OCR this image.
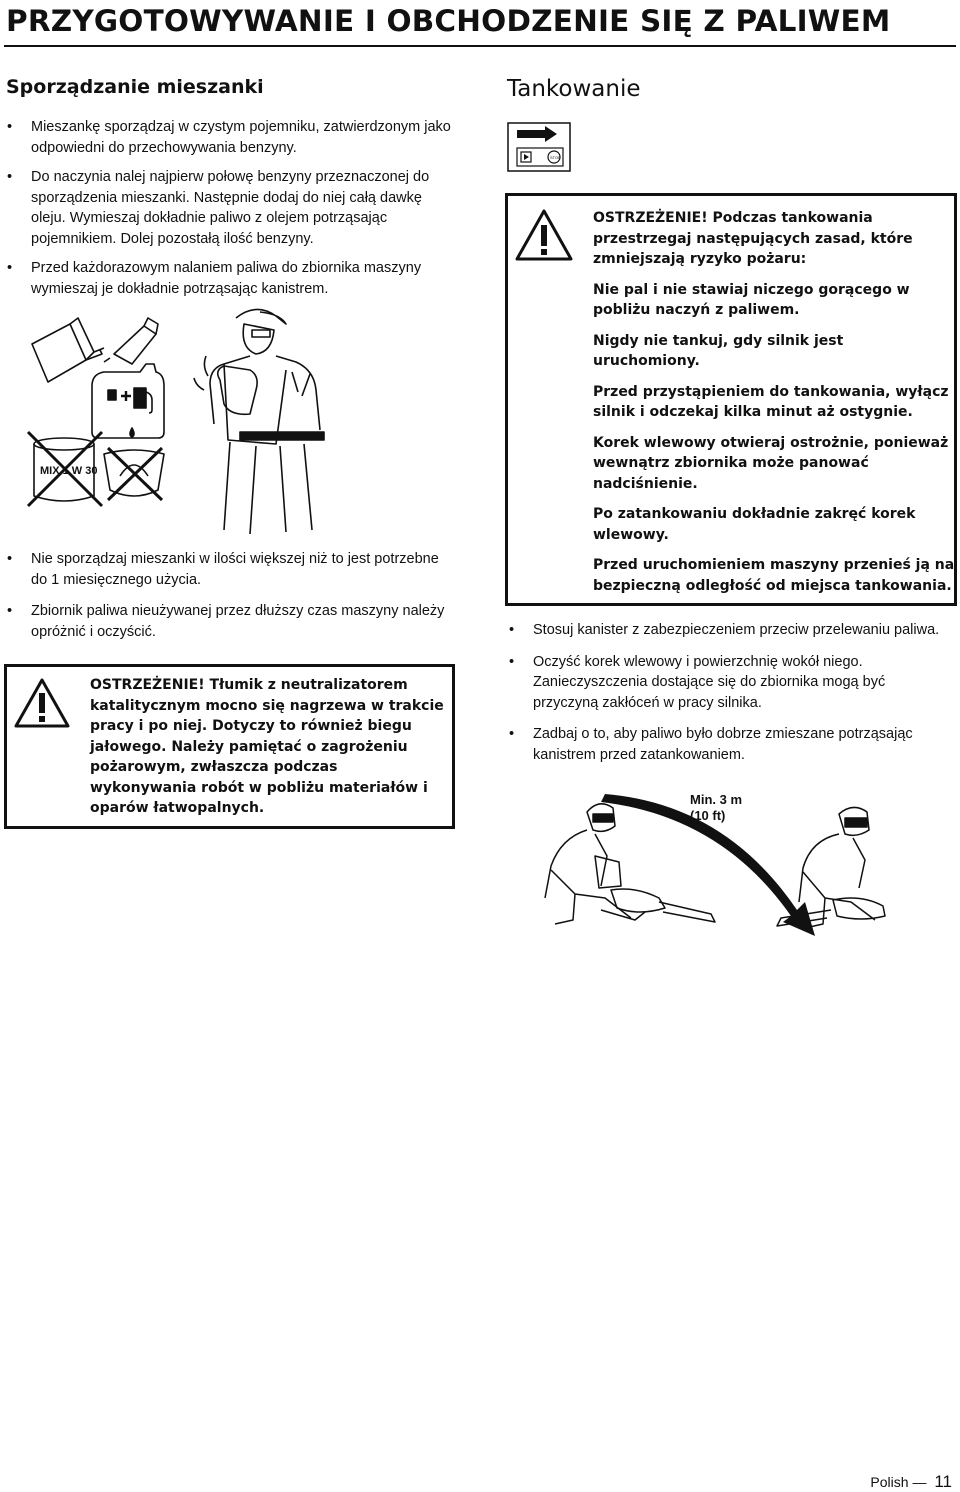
PRZYGOTOWYWANIE I OBCHODZENIE SIĘ Z PALIWEM
Sporządzanie mieszanki
• Mieszankę sporządzaj w czystym pojemniku, zatwierdzonym jako odpowiedni do przechowywania benzyny.
• Do naczynia nalej najpierw połowę benzyny przeznaczonej do sporządzenia mieszanki. Następnie dodaj do niej całą dawkę oleju. Wymieszaj dokładnie paliwo z olejem potrząsając pojemnikiem. Dolej pozostałą ilość benzyny.
• Przed każdorazowym nalaniem paliwa do zbiornika maszyny wymieszaj je dokładnie potrząsając kanistrem.
MIX 1 W 30
• Nie sporządzaj mieszanki w ilości większej niż to jest potrzebne do 1 miesięcznego użycia.
• Zbiornik paliwa nieużywanej przez dłuższy czas maszyny należy opróżnić i oczyścić.
OSTRZEŻENIE! Tłumik z neutralizatorem katalitycznym mocno się nagrzewa w trakcie pracy i po niej. Dotyczy to również biegu jałowego. Należy pamiętać o zagrożeniu pożarowym, zwłaszcza podczas wykonywania robót w pobliżu materiałów i oparów łatwopalnych.
Tankowanie
STOP

OSTRZEŻENIE! Podczas tankowania przestrzegaj następujących zasad, które zmniejszają ryzyko pożaru:

Nie pal i nie stawiaj niczego gorącego w pobliżu naczyń z paliwem.

Nigdy nie tankuj, gdy silnik jest uruchomiony.

Przed przystąpieniem do tankowania, wyłącz silnik i odczekaj kilka minut aż ostygnie.

Korek wlewowy otwieraj ostrożnie, ponieważ wewnątrz zbiornika może panować nadciśnienie.

Po zatankowaniu dokładnie zakręć korek wlewowy.

Przed uruchomieniem maszyny przenieś ją na bezpieczną odległość od miejsca tankowania.

• Stosuj kanister z zabezpieczeniem przeciw przelewaniu paliwa.
• Oczyść korek wlewowy i powierzchnię wokół niego. Zanieczyszczenia dostające się do zbiornika mogą być przyczyną zakłóceń w pracy silnika.
• Zadbaj o to, aby paliwo było dobrze zmieszane potrząsając kanistrem przed zatankowaniem.
Min. 3 m
(10 ft)
Polish — 11
